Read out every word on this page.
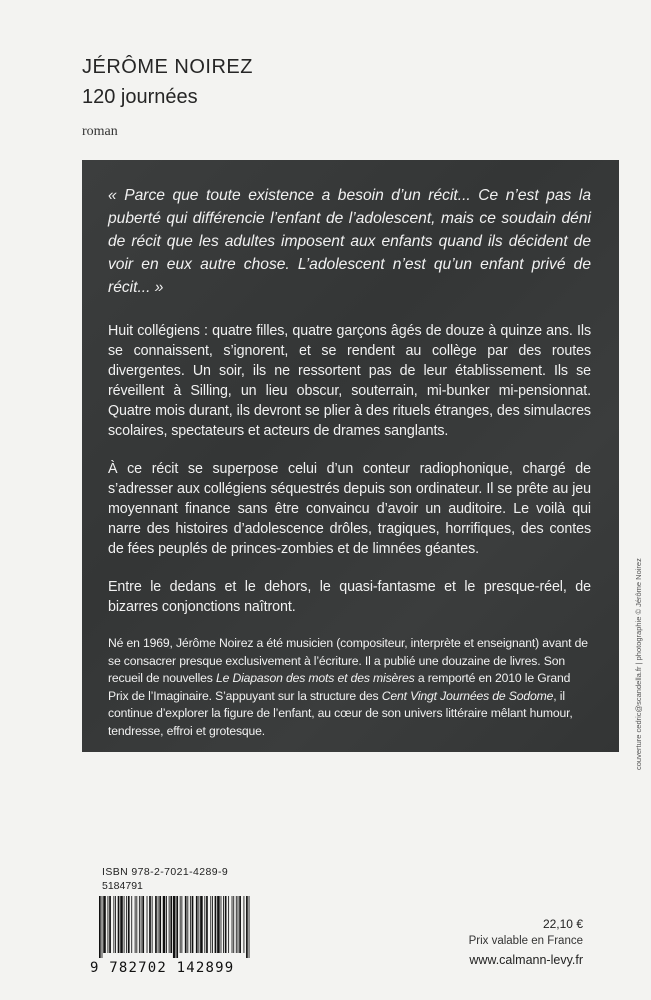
JÉRÔME NOIREZ
120 journées
roman

« Parce que toute existence a besoin d’un récit... Ce n’est pas la puberté qui différencie l’enfant de l’adolescent, mais ce soudain déni de récit que les adultes imposent aux enfants quand ils décident de voir en eux autre chose. L’adolescent n’est qu’un enfant privé de récit... »

Huit collégiens : quatre filles, quatre garçons âgés de douze à quinze ans. Ils se connaissent, s’ignorent, et se rendent au collège par des routes divergentes. Un soir, ils ne ressortent pas de leur établissement. Ils se réveillent à Silling, un lieu obscur, souterrain, mi-bunker mi-pensionnat. Quatre mois durant, ils devront se plier à des rituels étranges, des simulacres scolaires, spectateurs et acteurs de drames sanglants.

À ce récit se superpose celui d’un conteur radiophonique, chargé de s’adresser aux collégiens séquestrés depuis son ordinateur. Il se prête au jeu moyennant finance sans être convaincu d’avoir un auditoire. Le voilà qui narre des histoires d’adolescence drôles, tragiques, horrifiques, des contes de fées peuplés de princes-zombies et de limnées géantes.

Entre le dedans et le dehors, le quasi-fantasme et le presque-réel, de bizarres conjonctions naîtront.

Né en 1969, Jérôme Noirez a été musicien (compositeur, interprète et enseignant) avant de se consacrer presque exclusivement à l’écriture. Il a publié une douzaine de livres. Son recueil de nouvelles Le Diapason des mots et des misères a remporté en 2010 le Grand Prix de l’Imaginaire. S’appuyant sur la structure des Cent Vingt Journées de Sodome, il continue d’explorer la figure de l’enfant, au cœur de son univers littéraire mêlant humour, tendresse, effroi et grotesque.	couverture cedric@scandella.fr | photographie © Jérôme Noirez
ISBN 978-2-7021-4289-9
5184791
9 782702 142899
22,10 €
Prix valable en France
www.calmann-levy.fr
